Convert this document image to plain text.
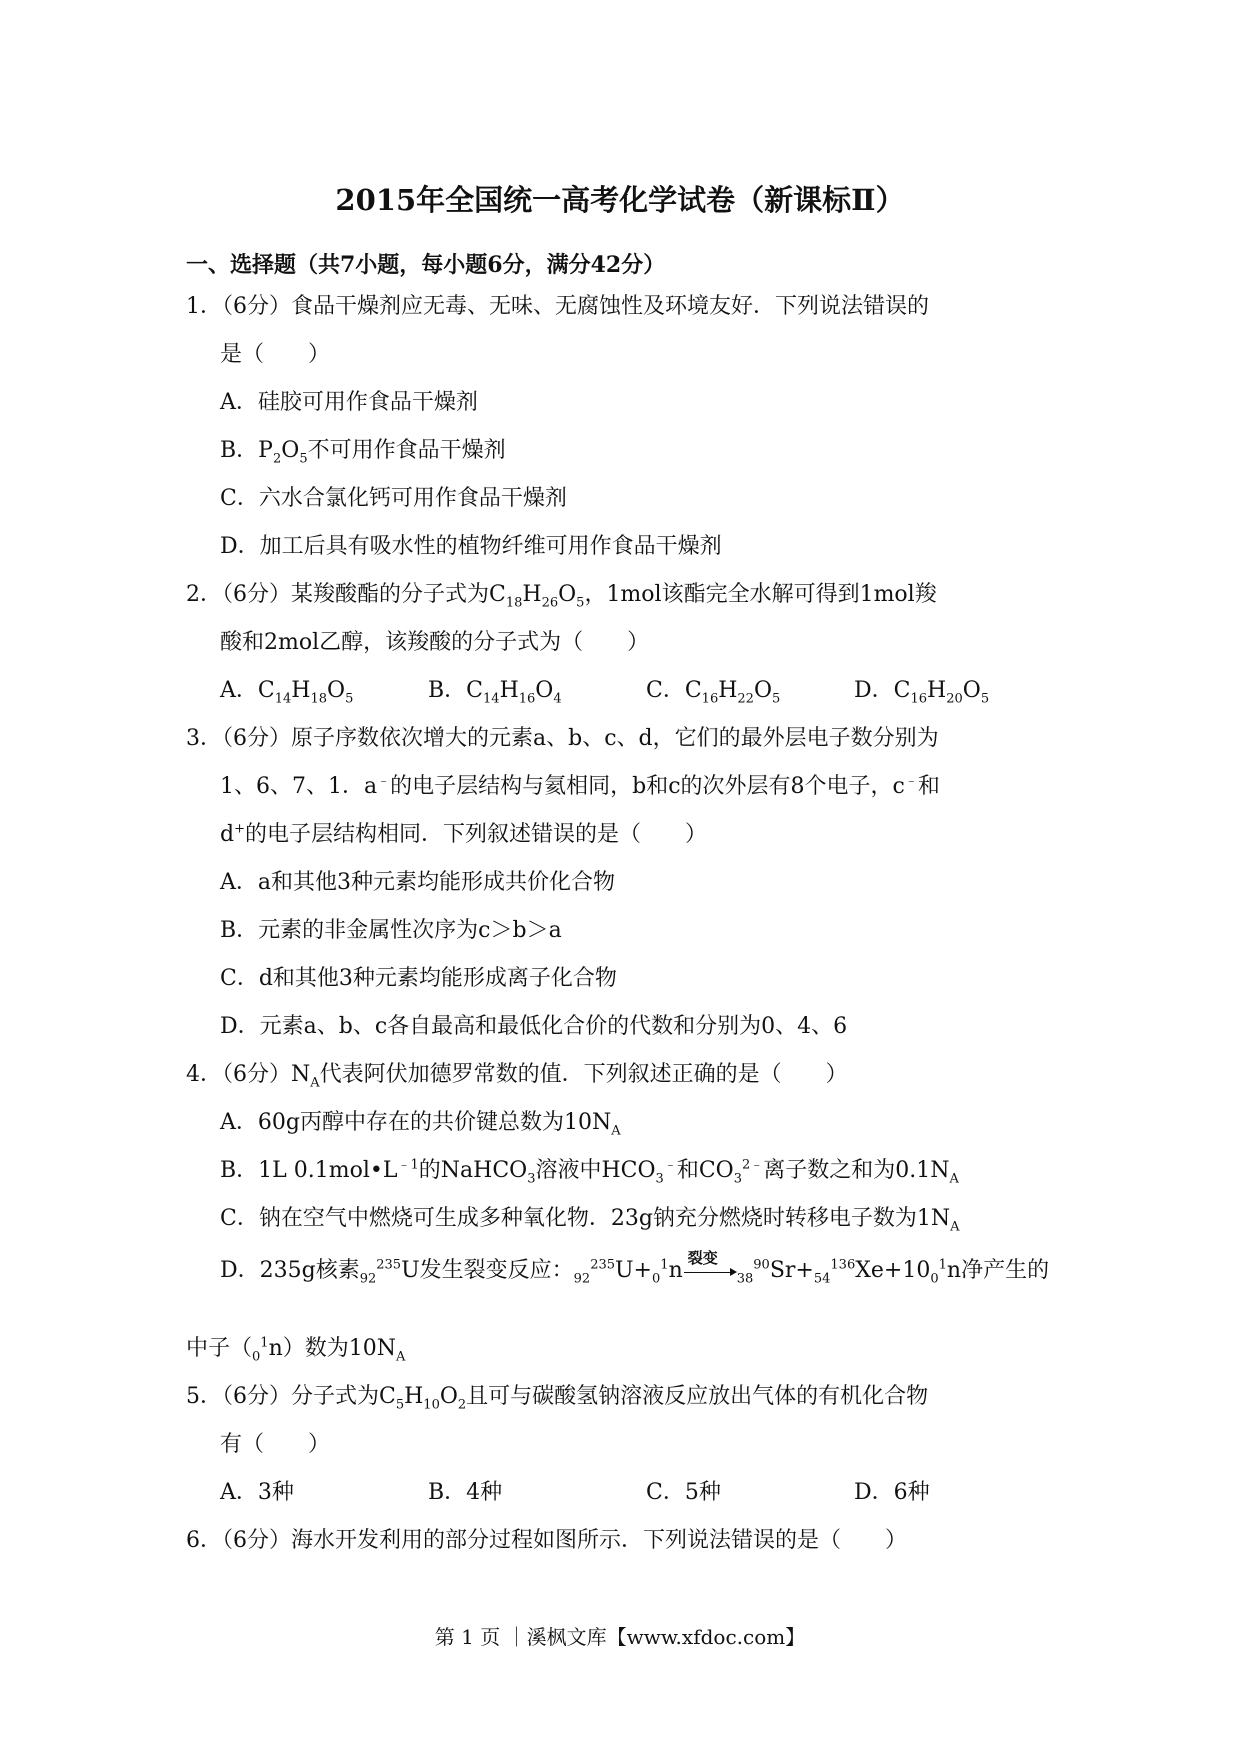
2015年全国统一高考化学试卷（新课标Ⅱ）
一、选择题（共7小题，每小题6分，满分42分）
1．（6分）食品干燥剂应无毒、无味、无腐蚀性及环境友好．下列说法错误的
是（　　）
A．硅胶可用作食品干燥剂
B．$P_2O_5$不可用作食品干燥剂
C．六水合氯化钙可用作食品干燥剂
D．加工后具有吸水性的植物纤维可用作食品干燥剂
2．（6分）某羧酸酯的分子式为$C_{18}H_{26}O_5$，1mol该酯完全水解可得到1mol羧
酸和2mol乙醇，该羧酸的分子式为（　　）
A．$C_{14}H_{18}O_5$	B．$C_{14}H_{16}O_4$	C．$C_{16}H_{22}O_5$	D．$C_{16}H_{20}O_5$
3．（6分）原子序数依次增大的元素a、b、c、d，它们的最外层电子数分别为
1、6、7、1．a﹣的电子层结构与氦相同，b和c的次外层有8个电子，c﹣和
d+的电子层结构相同．下列叙述错误的是（　　）
A．a和其他3种元素均能形成共价化合物
B．元素的非金属性次序为c＞b＞a
C．d和其他3种元素均能形成离子化合物
D．元素a、b、c各自最高和最低化合价的代数和分别为0、4、6
4．（6分）$N_A$代表阿伏加德罗常数的值．下列叙述正确的是（　　）
A．60g丙醇中存在的共价键总数为$10N_A$
B．1L $0.1mol•L^{﹣1}$的NaHCO$_3$溶液中$HCO_3^﹣$和$CO_3^{2﹣}$离子数之和为$0.1N_A$
C．钠在空气中燃烧可生成多种氧化物．23g钠充分燃烧时转移电子数为$1N_A$
D．235g核素$_{92}^{235}$U发生裂变反应：$_{92}^{235}U+_0^1n$ 裂变
$_{38}^{90}Sr+_{54}^{136}Xe+10_0^1n$净产生的
中子$(_0^1n)$数为$10N_A$
5．（6分）分子式为$C_5H_{10}O_2$且可与碳酸氢钠溶液反应放出气体的有机化合物
有（　　）
A．3种	B．4种	C．5种	D．6种
6．（6分）海水开发利用的部分过程如图所示．下列说法错误的是（　　）
第 1 页 ｜溪枫文库【www.xfdoc.com】
